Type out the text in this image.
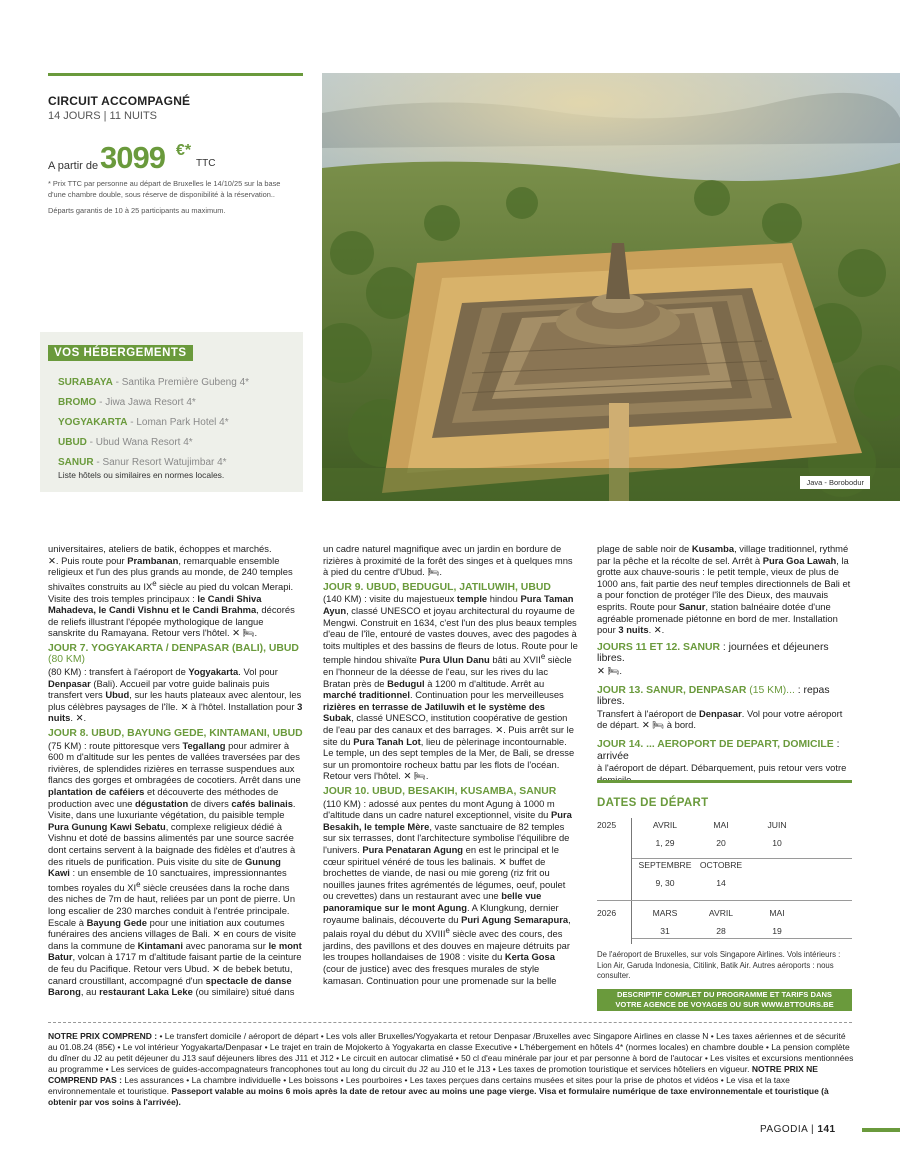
CIRCUIT ACCOMPAGNÉ
14 JOURS | 11 NUITS
A partir de 3099 €*
TTC
* Prix TTC par personne au départ de Bruxelles le 14/10/25 sur la base d'une chambre double, sous réserve de disponibilité à la réservation..
Départs garantis de 10 à 25 participants au maximum.
VOS HÉBERGEMENTS
SURABAYA - Santika Première Gubeng 4*
BROMO - Jiwa Jawa Resort 4*
YOGYAKARTA - Loman Park Hotel 4*
UBUD - Ubud Wana Resort 4*
SANUR - Sanur Resort Watujimbar 4*
Liste hôtels ou similaires en normes locales.
Java - Borobodur

universitaires, ateliers de batik, échoppes et marchés.
✕. Puis route pour Prambanan, remarquable ensemble religieux et l'un des plus grands au monde, de 240 temples shivaïtes construits au IXe siècle au pied du volcan Merapi. Visite des trois temples principaux : le Candi Shiva Mahadeva, le Candi Vishnu et le Candi Brahma, décorés de reliefs illustrant l'épopée mythologique de langue sanskrite du Ramayana. Retour vers l'hôtel. ✕ 🛏.

JOUR 7. YOGYAKARTA / DENPASAR (BALI), UBUD (80 KM)

(80 KM) : transfert à l'aéroport de Yogyakarta. Vol pour Denpasar (Bali). Accueil par votre guide balinais puis transfert vers Ubud, sur les hauts plateaux avec alentour, les plus célèbres paysages de l'île. ✕ à l'hôtel. Installation pour 3 nuits. ✕.

JOUR 8. UBUD, BAYUNG GEDE, KINTAMANI, UBUD

(75 KM) : route pittoresque vers Tegallang pour admirer à 600 m d'altitude sur les pentes de vallées traversées par des rivières, de splendides rizières en terrasse suspendues aux flancs des gorges et ombragées de cocotiers. Arrêt dans une plantation de caféiers et découverte des méthodes de production avec une dégustation de divers cafés balinais. Visite, dans une luxuriante végétation, du paisible temple Pura Gunung Kawi Sebatu, complexe religieux dédié à Vishnu et doté de bassins alimentés par une source sacrée dont certains servent à la baignade des fidèles et d'autres à des rituels de purification. Puis visite du site de Gunung Kawi : un ensemble de 10 sanctuaires, impressionnantes tombes royales du XIe siècle creusées dans la roche dans des niches de 7m de haut, reliées par un pont de pierre. Un long escalier de 230 marches conduit à l'entrée principale. Escale à Bayung Gede pour une initiation aux coutumes funéraires des anciens villages de Bali. ✕ en cours de visite dans la commune de Kintamani avec panorama sur le mont Batur, volcan à 1717 m d'altitude faisant partie de la ceinture de feu du Pacifique. Retour vers Ubud. ✕ de bebek betutu, canard croustillant, accompagné d'un spectacle de danse Barong, au restaurant Laka Leke (ou similaire) situé dans

un cadre naturel magnifique avec un jardin en bordure de rizières à proximité de la forêt des singes et à quelques mns à pied du centre d'Ubud. 🛏.

JOUR 9. UBUD, BEDUGUL, JATILUWIH, UBUD

(140 KM) : visite du majestueux temple hindou Pura Taman Ayun, classé UNESCO et joyau architectural du royaume de Mengwi. Construit en 1634, c'est l'un des plus beaux temples d'eau de l'île, entouré de vastes douves, avec des pagodes à toits multiples et des bassins de fleurs de lotus. Route pour le temple hindou shivaïte Pura Ulun Danu bâti au XVIIe siècle en l'honneur de la déesse de l'eau, sur les rives du lac Bratan près de Bedugul à 1200 m d'altitude. Arrêt au marché traditionnel. Continuation pour les merveilleuses rizières en terrasse de Jatiluwih et le système des Subak, classé UNESCO, institution coopérative de gestion de l'eau par des canaux et des barrages. ✕. Puis arrêt sur le site du Pura Tanah Lot, lieu de pèlerinage incontournable. Le temple, un des sept temples de la Mer, de Bali, se dresse sur un promontoire rocheux battu par les flots de l'océan. Retour vers l'hôtel. ✕ 🛏.

JOUR 10. UBUD, BESAKIH, KUSAMBA, SANUR

(110 KM) : adossé aux pentes du mont Agung à 1000 m d'altitude dans un cadre naturel exceptionnel, visite du Pura Besakih, le temple Mère, vaste sanctuaire de 82 temples sur six terrasses, dont l'architecture symbolise l'équilibre de l'univers. Pura Penataran Agung en est le principal et le cœur spirituel vénéré de tous les balinais. ✕ buffet de brochettes de viande, de nasi ou mie goreng (riz frit ou nouilles jaunes frites agrémentés de légumes, oeuf, poulet ou crevettes) dans un restaurant avec une belle vue panoramique sur le mont Agung. A Klungkung, dernier royaume balinais, découverte du Puri Agung Semarapura, palais royal du début du XVIIIe siècle avec des cours, des jardins, des pavillons et des douves en majeure détruits par les troupes hollandaises de 1908 : visite du Kerta Gosa (cour de justice) avec des fresques murales de style kamasan. Continuation pour une promenade sur la belle

plage de sable noir de Kusamba, village traditionnel, rythmé par la pêche et la récolte de sel. Arrêt à Pura Goa Lawah, la grotte aux chauve-souris : le petit temple, vieux de plus de 1000 ans, fait partie des neuf temples directionnels de Bali et a pour fonction de protéger l'île des Dieux, des mauvais esprits. Route pour Sanur, station balnéaire dotée d'une agréable promenade piétonne en bord de mer. Installation pour 3 nuits. ✕.

JOURS 11 ET 12. SANUR : journées et déjeuners libres.

✕ 🛏.

JOUR 13. SANUR, DENPASAR (15 KM)... : repas libres.

Transfert à l'aéroport de Denpasar. Vol pour votre aéroport de départ. ✕ 🛏 à bord.

JOUR 14. ... AEROPORT DE DEPART, DOMICILE : arrivée

à l'aéroport de départ. Débarquement, puis retour vers votre

DATES DE DÉPART
2025	AVRIL	MAI	JUIN
1, 29	20	10
SEPTEMBRE OCTOBRE
9, 30	14
2026	MARS	AVRIL	MAI
31	28	19
De l'aéroport de Bruxelles, sur vols Singapore Airlines. Vols intérieurs : Lion Air, Garuda Indonesia, Citilink, Batik Air. Autres aéroports : nous consulter.
DESCRIPTIF COMPLET DU PROGRAMME ET TARIFS DANS
VOTRE AGENCE DE VOYAGES OU SUR WWW.BTTOURS.BE
NOTRE PRIX COMPREND : • Le transfert domicile / aéroport de départ • Les vols aller Bruxelles/Yogyakarta et retour Denpasar /Bruxelles avec Singapore Airlines en classe N • Les taxes aériennes et de sécurité au 01.08.24 (85€) • Le vol intérieur Yogyakarta/Denpasar • Le trajet en train de Mojokerto à Yogyakarta en classe Executive • L'hébergement en hôtels 4* (normes locales) en chambre double • La pension complète du dîner du J2 au petit déjeuner du J13 sauf déjeuners libres des J11 et J12 • Le circuit en autocar climatisé • 50 cl d'eau minérale par jour et par personne à bord de l'autocar • Les visites et excursions mentionnées au programme • Les services de guides-accompagnateurs francophones tout au long du circuit du J2 au J10 et le J13 • Les taxes de promotion touristique et services hôteliers en vigueur. NOTRE PRIX NE COMPREND PAS : Les assurances • La chambre individuelle • Les boissons • Les pourboires • Les taxes perçues dans certains musées et sites pour la prise de photos et vidéos • Le visa et la taxe environnementale et touristique. Passeport valable au moins 6 mois après la date de retour avec au moins une page vierge. Visa et formulaire numérique de taxe environnementale et touristique (à obtenir par vos soins à l'arrivée).
PAGODIA | 141
